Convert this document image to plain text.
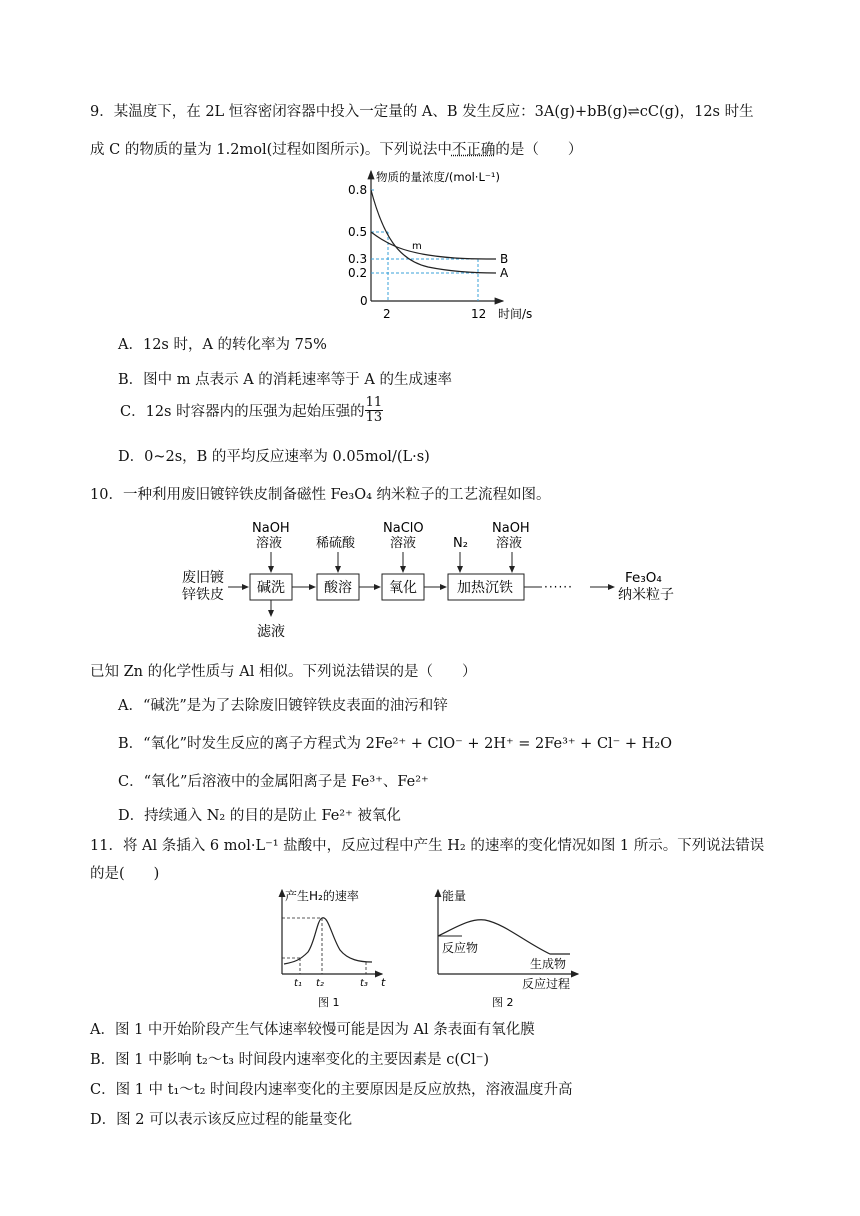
9．某温度下，在 2L 恒容密闭容器中投入一定量的 A、B 发生反应：3A(g)+bB(g)⇌cC(g)，12s 时生
成 C 的物质的量为 1.2mol(过程如图所示)。下列说法中不正确的是（　　）
0.8
0.5
0.3
0.2
0
2	12 时间/s
物质的量浓度/(mol·L⁻¹)
m
B
A
A．12s 时，A 的转化率为 75%
B．图中 m 点表示 A 的消耗速率等于 A 的生成速率
C．12s 时容器内的压强为起始压强的 $\frac{11}{13}$
D．0~2s，B 的平均反应速率为 0.05mol/(L·s)
10．一种利用废旧镀锌铁皮制备磁性 Fe₃O₄ 纳米粒子的工艺流程如图。
废旧镀
锌铁皮 碱洗	酸溶	氧化	加热沉铁	······
Fe₃O₄
纳米粒子
NaOH
溶液	稀硫酸
NaClO
溶液	N₂
NaOH
溶液
滤液
已知 Zn 的化学性质与 Al 相似。下列说法错误的是（　　）
A．“碱洗”是为了去除废旧镀锌铁皮表面的油污和锌
B．“氧化”时发生反应的离子方程式为 2Fe²⁺ + ClO⁻ + 2H⁺ = 2Fe³⁺ + Cl⁻ + H₂O
C．“氧化”后溶液中的金属阳离子是 Fe³⁺、Fe²⁺
D．持续通入 N₂ 的目的是防止 Fe²⁺ 被氧化
11．将 Al 条插入 6 mol·L⁻¹ 盐酸中，反应过程中产生 H₂ 的速率的变化情况如图 1 所示。下列说法错误
的是(　　)
产生H₂的速率
t
t₁ t₂	t₃
图 1
能量
反应物
生成物
反应过程
图 2
A．图 1 中开始阶段产生气体速率较慢可能是因为 Al 条表面有氧化膜
B．图 1 中影响 t₂～t₃ 时间段内速率变化的主要因素是 c(Cl⁻)
C．图 1 中 t₁～t₂ 时间段内速率变化的主要原因是反应放热，溶液温度升高
D．图 2 可以表示该反应过程的能量变化
